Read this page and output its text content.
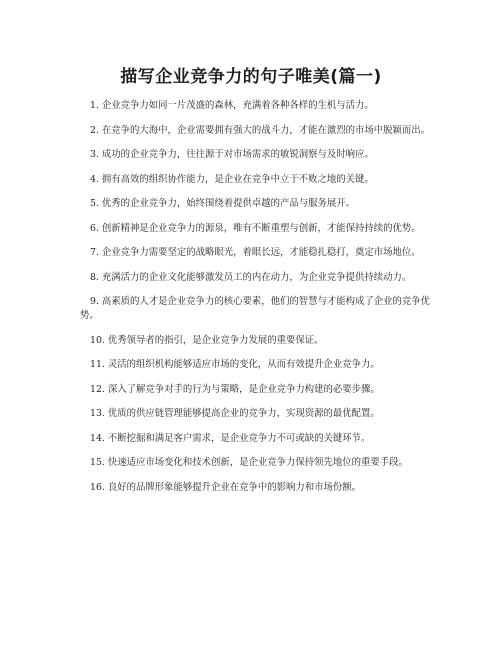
描写企业竞争力的句子唯美(篇一)
1. 企业竞争力如同一片茂盛的森林，充满着各种各样的生机与活力。
2. 在竞争的大海中，企业需要拥有强大的战斗力，才能在激烈的市场中脱颖而出。
3. 成功的企业竞争力，往往源于对市场需求的敏锐洞察与及时响应。
4. 拥有高效的组织协作能力，是企业在竞争中立于不败之地的关键。
5. 优秀的企业竞争力，始终围绕着提供卓越的产品与服务展开。
6. 创新精神是企业竞争力的源泉，唯有不断重塑与创新，才能保持持续的优势。
7. 企业竞争力需要坚定的战略眼光，着眼长远，才能稳扎稳打，奠定市场地位。
8. 充满活力的企业文化能够激发员工的内在动力，为企业竞争提供持续动力。
9. 高素质的人才是企业竞争力的核心要素，他们的智慧与才能构成了企业的竞争优势。
10. 优秀领导者的指引，是企业竞争力发展的重要保证。
11. 灵活的组织机构能够适应市场的变化，从而有效提升企业竞争力。
12. 深入了解竞争对手的行为与策略，是企业竞争力构建的必要步骤。
13. 优质的供应链管理能够提高企业的竞争力，实现资源的最优配置。
14. 不断挖掘和满足客户需求，是企业竞争力不可或缺的关键环节。
15. 快速适应市场变化和技术创新，是企业竞争力保持领先地位的重要手段。
16. 良好的品牌形象能够提升企业在竞争中的影响力和市场份额。
